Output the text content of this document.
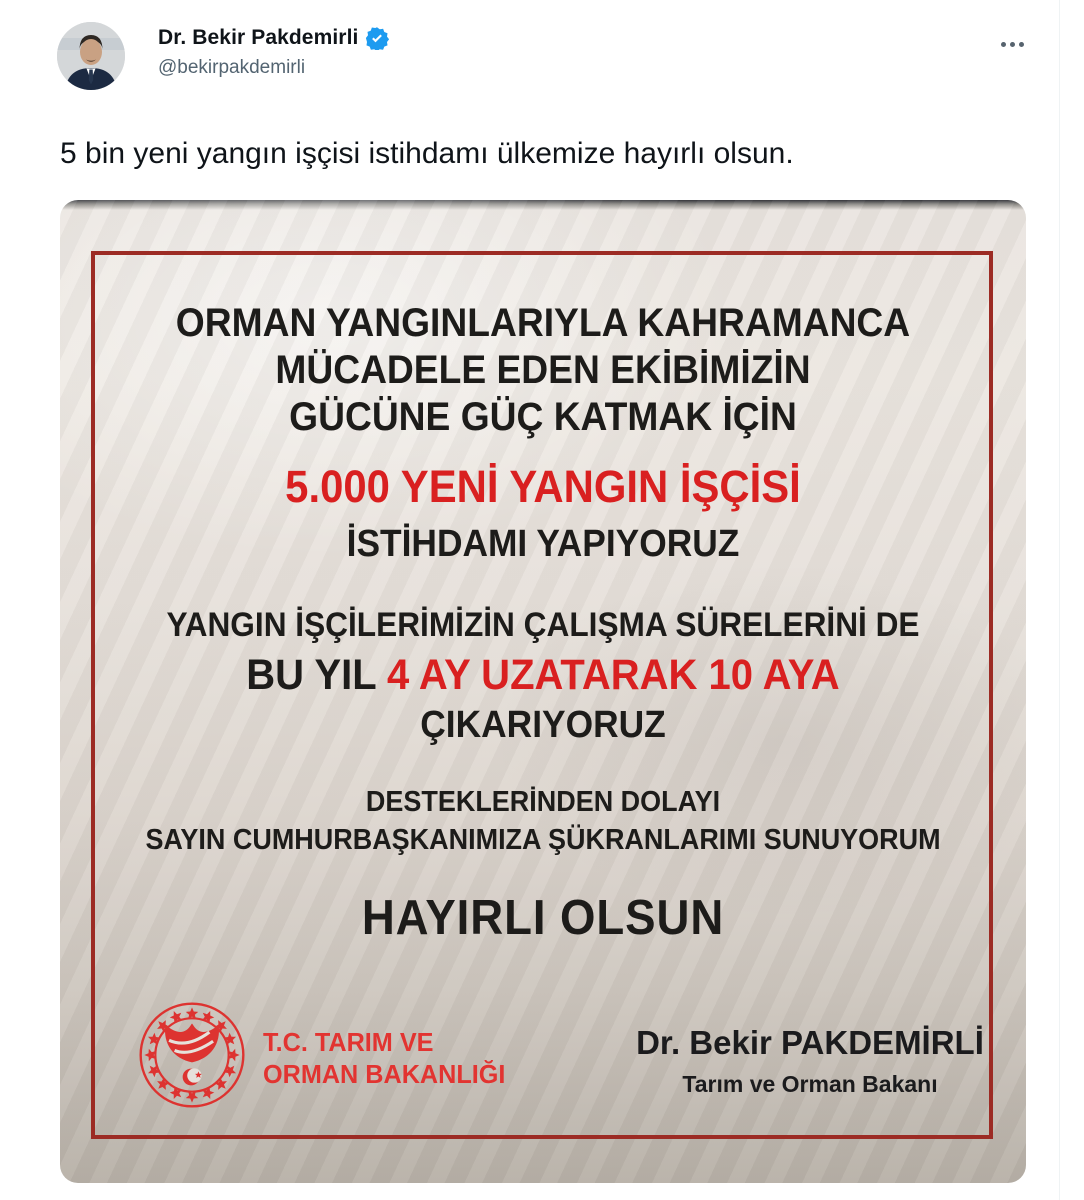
Dr. Bekir Pakdemirli
@bekirpakdemirli
5 bin yeni yangın işçisi istihdamı ülkemize hayırlı olsun.
ORMAN YANGINLARIYLA KAHRAMANCA
MÜCADELE EDEN EKİBİMİZİN
GÜCÜNE GÜÇ KATMAK İÇİN
5.000 YENİ YANGIN İŞÇİSİ
İSTİHDAMI YAPIYORUZ
YANGIN İŞÇİLERİMİZİN ÇALIŞMA SÜRELERİNİ DE
BU YIL 4 AY UZATARAK 10 AYA
ÇIKARIYORUZ
DESTEKLERİNDEN DOLAYI
SAYIN CUMHURBAŞKANIMIZA ŞÜKRANLARIMI SUNUYORUM
HAYIRLI OLSUN
T.C. TARIM VE
ORMAN BAKANLIĞI
Dr. Bekir PAKDEMİRLİ
Tarım ve Orman Bakanı
